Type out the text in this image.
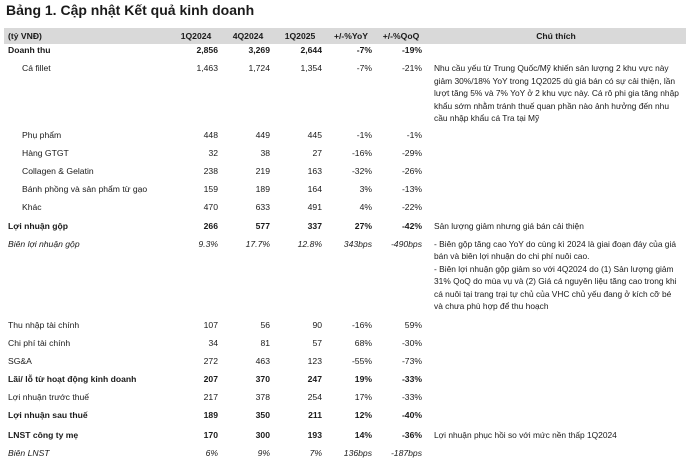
Bảng 1. Cập nhật Kết quả kinh doanh
(tỷ VNĐ)	1Q2024	4Q2024	1Q2025	+/-%YoY	+/-%QoQ	Chú thích
Doanh thu	2,856	3,269	2,644	-7%	-19%	
Cá fillet	1,463	1,724	1,354	-7%	-21%	Nhu cầu yếu từ Trung Quốc/Mỹ khiến sản lượng 2 khu vực này giảm 30%/18% YoY trong 1Q2025 dù giá bán có sự cải thiện, lần lượt tăng 5% và 7% YoY ở 2 khu vực này. Cá rô phi gia tăng nhập khẩu sớm nhằm tránh thuế quan phần nào ảnh hưởng đến nhu cầu nhập khẩu cá Tra tại Mỹ
Phụ phẩm	448	449	445	-1%	-1%	
Hàng GTGT	32	38	27	-16%	-29%	
Collagen & Gelatin	238	219	163	-32%	-26%	
Bánh phồng và sản phẩm từ gạo	159	189	164	3%	-13%	
Khác	470	633	491	4%	-22%	
Lợi nhuận gộp	266	577	337	27%	-42%	Sản lượng giảm nhưng giá bán cải thiện
Biên lợi nhuận gộp	9.3%	17.7%	12.8%	343bps	-490bps	- Biên gộp tăng cao YoY do cùng kì 2024 là giai đoạn đáy của giá bán và biên lợi nhuận do chi phí nuôi cao.
- Biên lợi nhuận gộp giảm so với 4Q2024 do (1) Sản lượng giảm 31% QoQ do mùa vụ và (2) Giá cá nguyên liệu tăng cao trong khi cá nuôi tại trang trại tự chủ của VHC chủ yếu đang ở kích cỡ bé và chưa phù hợp để thu hoạch

Thu nhập tài chính	107	56	90	-16%	59%	
Chi phí tài chính	34	81	57	68%	-30%	
SG&A	272	463	123	-55%	-73%	
Lãi/ lỗ từ hoạt động kinh doanh	207	370	247	19%	-33%	
Lợi nhuận trước thuế	217	378	254	17%	-33%	
Lợi nhuận sau thuế	189	350	211	12%	-40%	
LNST công ty mẹ	170	300	193	14%	-36%	Lợi nhuận phục hồi so với mức nền thấp 1Q2024
Biên LNST	6%	9%	7%	136bps	-187bps	
